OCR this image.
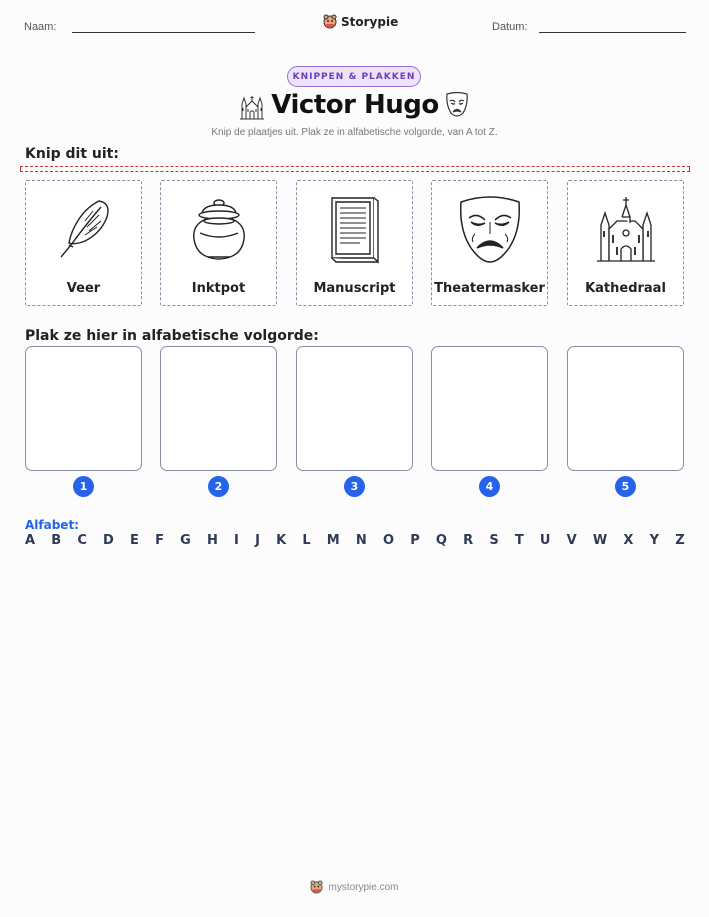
Naam:	Storypie	Datum:
KNIPPEN & PLAKKEN
Victor Hugo
Knip de plaatjes uit. Plak ze in alfabetische volgorde, van A tot Z.
Knip dit uit:
Veer	Inktpot	Manuscript	Theatermasker	Kathedraal
Plak ze hier in alfabetische volgorde:
1	2	3	4	5
Alfabet:
A B C D E F G H I J K L M N O P Q R S T U V W X Y Z
mystorypie.com
